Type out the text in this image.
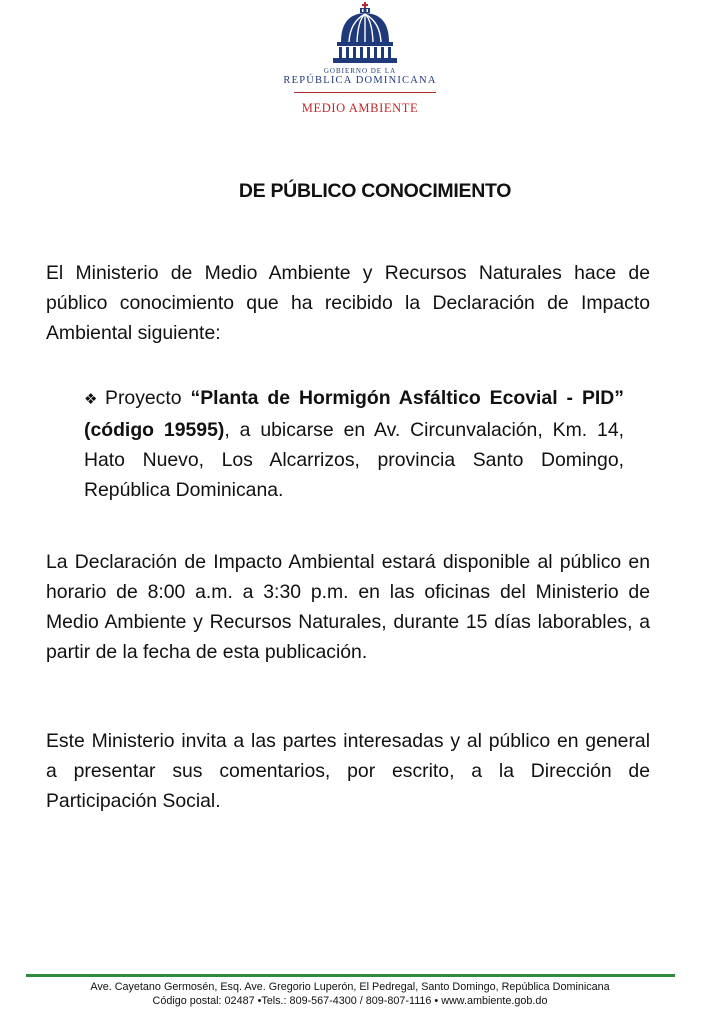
GOBIERNO DE LA
REPÚBLICA DOMINICANA
MEDIO AMBIENTE
DE PÚBLICO CONOCIMIENTO
El Ministerio de Medio Ambiente y Recursos Naturales hace de público conocimiento que ha recibido la Declaración de Impacto Ambiental siguiente:
❖ Proyecto “Planta de Hormigón Asfáltico Ecovial - PID” (código 19595), a ubicarse en Av. Circunvalación, Km. 14, Hato Nuevo, Los Alcarrizos, provincia Santo Domingo, República Dominicana.
La Declaración de Impacto Ambiental estará disponible al público en horario de 8:00 a.m. a 3:30 p.m. en las oficinas del Ministerio de Medio Ambiente y Recursos Naturales, durante 15 días laborables, a partir de la fecha de esta publicación.
Este Ministerio invita a las partes interesadas y al público en general a presentar sus comentarios, por escrito, a la Dirección de Participación Social.
Ave. Cayetano Germosén, Esq. Ave. Gregorio Luperón, El Pedregal, Santo Domingo, República Dominicana
Código postal: 02487 •Tels.: 809-567-4300 / 809-807-1116 • www.ambiente.gob.do
